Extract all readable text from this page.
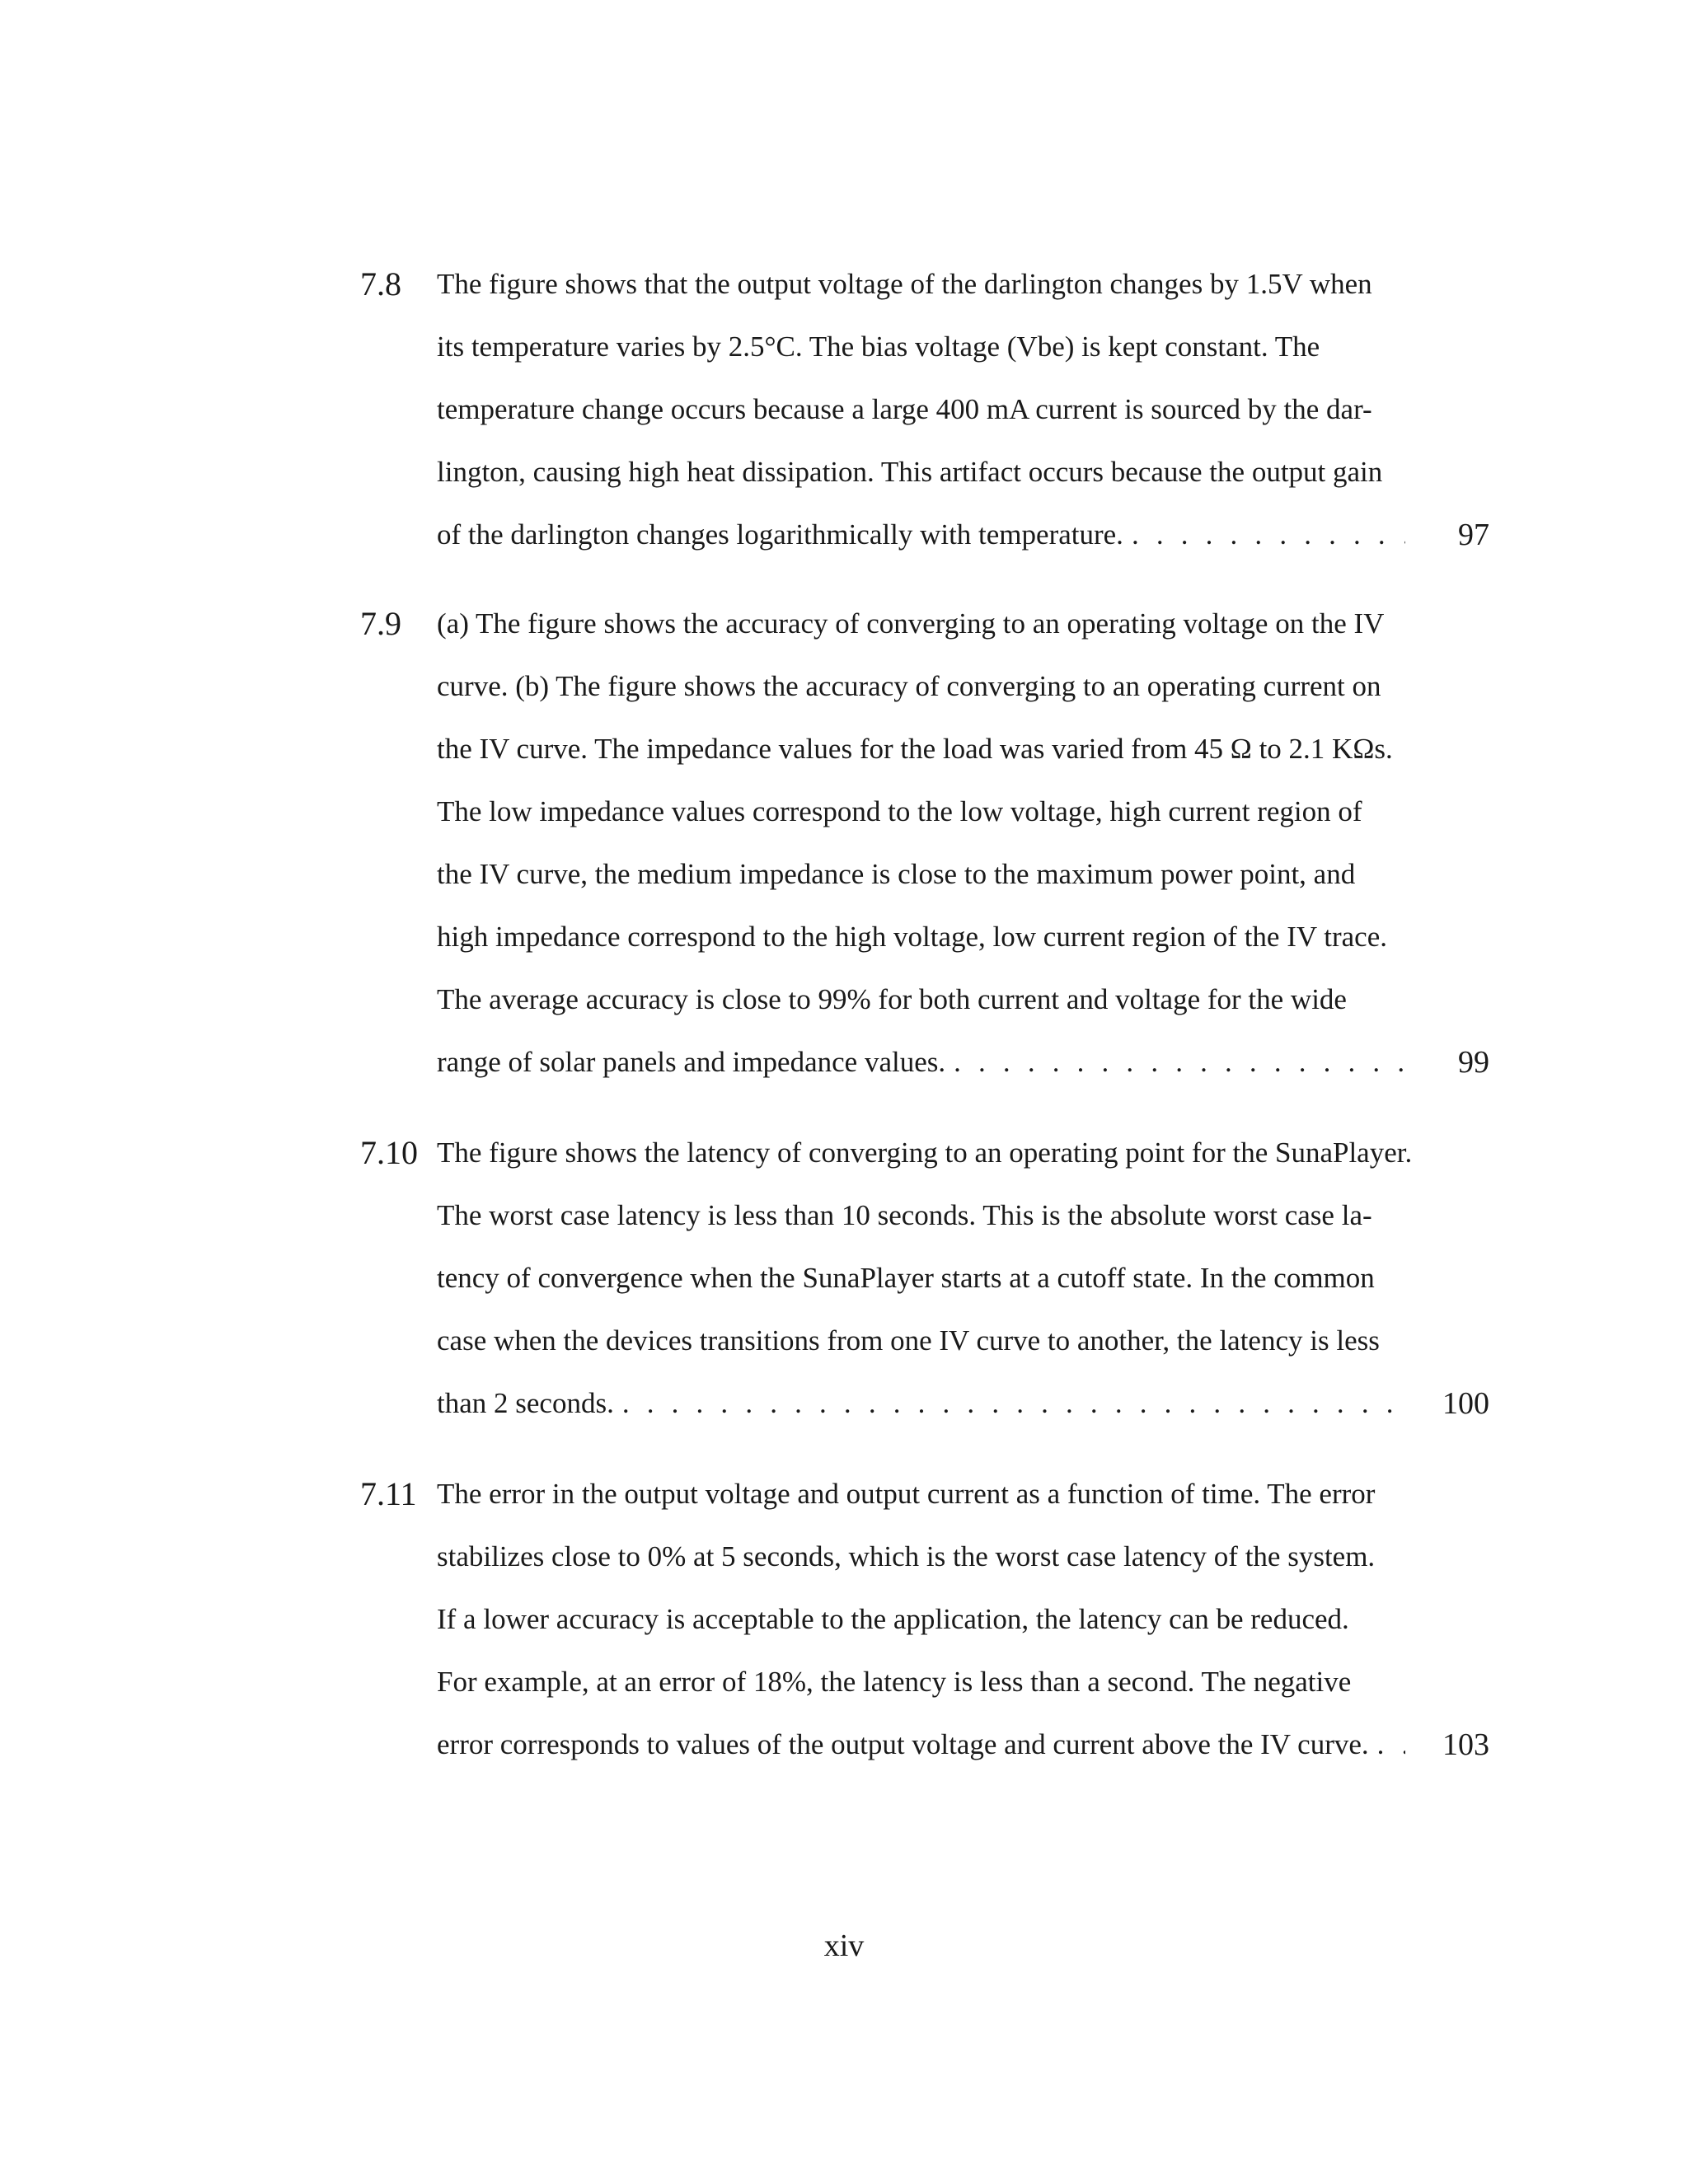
7.8 The figure shows that the output voltage of the darlington changes by 1.5V when
its temperature varies by 2.5°C. The bias voltage (Vbe) is kept constant. The
temperature change occurs because a large 400 mA current is sourced by the dar-
lington, causing high heat dissipation. This artifact occurs because the output gain
of the darlington changes logarithmically with temperature. . . .	97
7.9 (a) The figure shows the accuracy of converging to an operating voltage on the IV
curve. (b) The figure shows the accuracy of converging to an operating current on
the IV curve. The impedance values for the load was varied from 45 Ω to 2.1 KΩs.
The low impedance values correspond to the low voltage, high current region of
the IV curve, the medium impedance is close to the maximum power point, and
high impedance correspond to the high voltage, low current region of the IV trace.
The average accuracy is close to 99% for both current and voltage for the wide
range of solar panels and impedance values. . . .	99
7.10 The figure shows the latency of converging to an operating point for the SunaPlayer.
The worst case latency is less than 10 seconds. This is the absolute worst case la-
tency of convergence when the SunaPlayer starts at a cutoff state. In the common
case when the devices transitions from one IV curve to another, the latency is less
than 2 seconds. . . .	100
7.11 The error in the output voltage and output current as a function of time. The error
stabilizes close to 0% at 5 seconds, which is the worst case latency of the system.
If a lower accuracy is acceptable to the application, the latency can be reduced.
For example, at an error of 18%, the latency is less than a second. The negative
error corresponds to values of the output voltage and current above the IV curve. . . . 103
xiv
